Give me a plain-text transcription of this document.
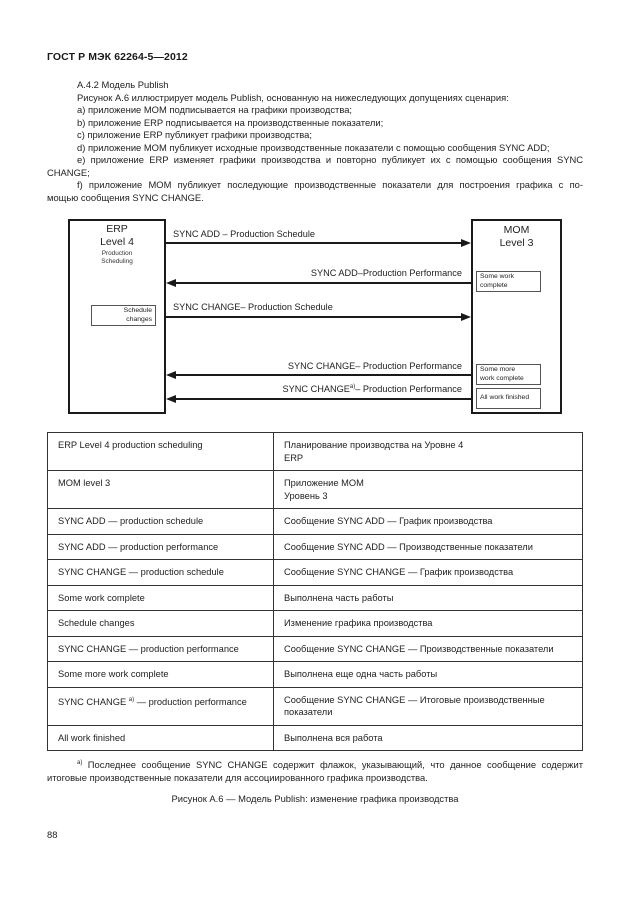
ГОСТ Р МЭК 62264-5—2012
А.4.2 Модель Publish
Рисунок А.6 иллюстрирует модель Publish, основанную на нижеследующих допущениях сценария:
а) приложение МОМ подписывается на графики производства;
b) приложение ERP подписывается на производственные показатели;
с) приложение ERP публикует графики производства;
d) приложение МОМ публикует исходные производственные показатели с помощью сообщения SYNC ADD;
е) приложение ERP изменяет графики производства и повторно публикует их с помощью сообщения SYNC
CHANGE;
f) приложение МОМ публикует последующие производственные показатели для построения графика с по-
мощью сообщения SYNC CHANGE.
ERP
Level 4
Production
Scheduling
Schedule
changes
MOM
Level 3
Some work
complete
Some more
work complete
All work finished
SYNC ADD – Production Schedule
SYNC ADD–Production Performance
SYNC CHANGE– Production Schedule
SYNC CHANGE– Production Performance
SYNC CHANGE$^{a)}$– Production Performance
ERP Level 4 production scheduling	Планирование производства на Уровне 4
ERP

MOM level 3	Приложение МОМ
Уровень 3

SYNC ADD — production schedule	Сообщение SYNC ADD — График производства
SYNC ADD — production performance	Сообщение SYNC ADD — Производственные показатели
SYNC CHANGE — production schedule	Сообщение SYNC CHANGE — График производства
Some work complete	Выполнена часть работы
Schedule changes	Изменение графика производства
SYNC CHANGE — production performance	Сообщение SYNC CHANGE — Производственные показатели
Some more work complete	Выполнена еще одна часть работы
SYNC CHANGE $^{a)}$ — production performance	Сообщение SYNC CHANGE — Итоговые производственные
показатели

All work finished	Выполнена вся работа
$^{a)}$ Последнее сообщение SYNC CHANGE содержит флажок, указывающий, что данное сообщение содержит
итоговые производственные показатели для ассоциированного графика производства.
Рисунок А.6 — Модель Publish: изменение графика производства
88
